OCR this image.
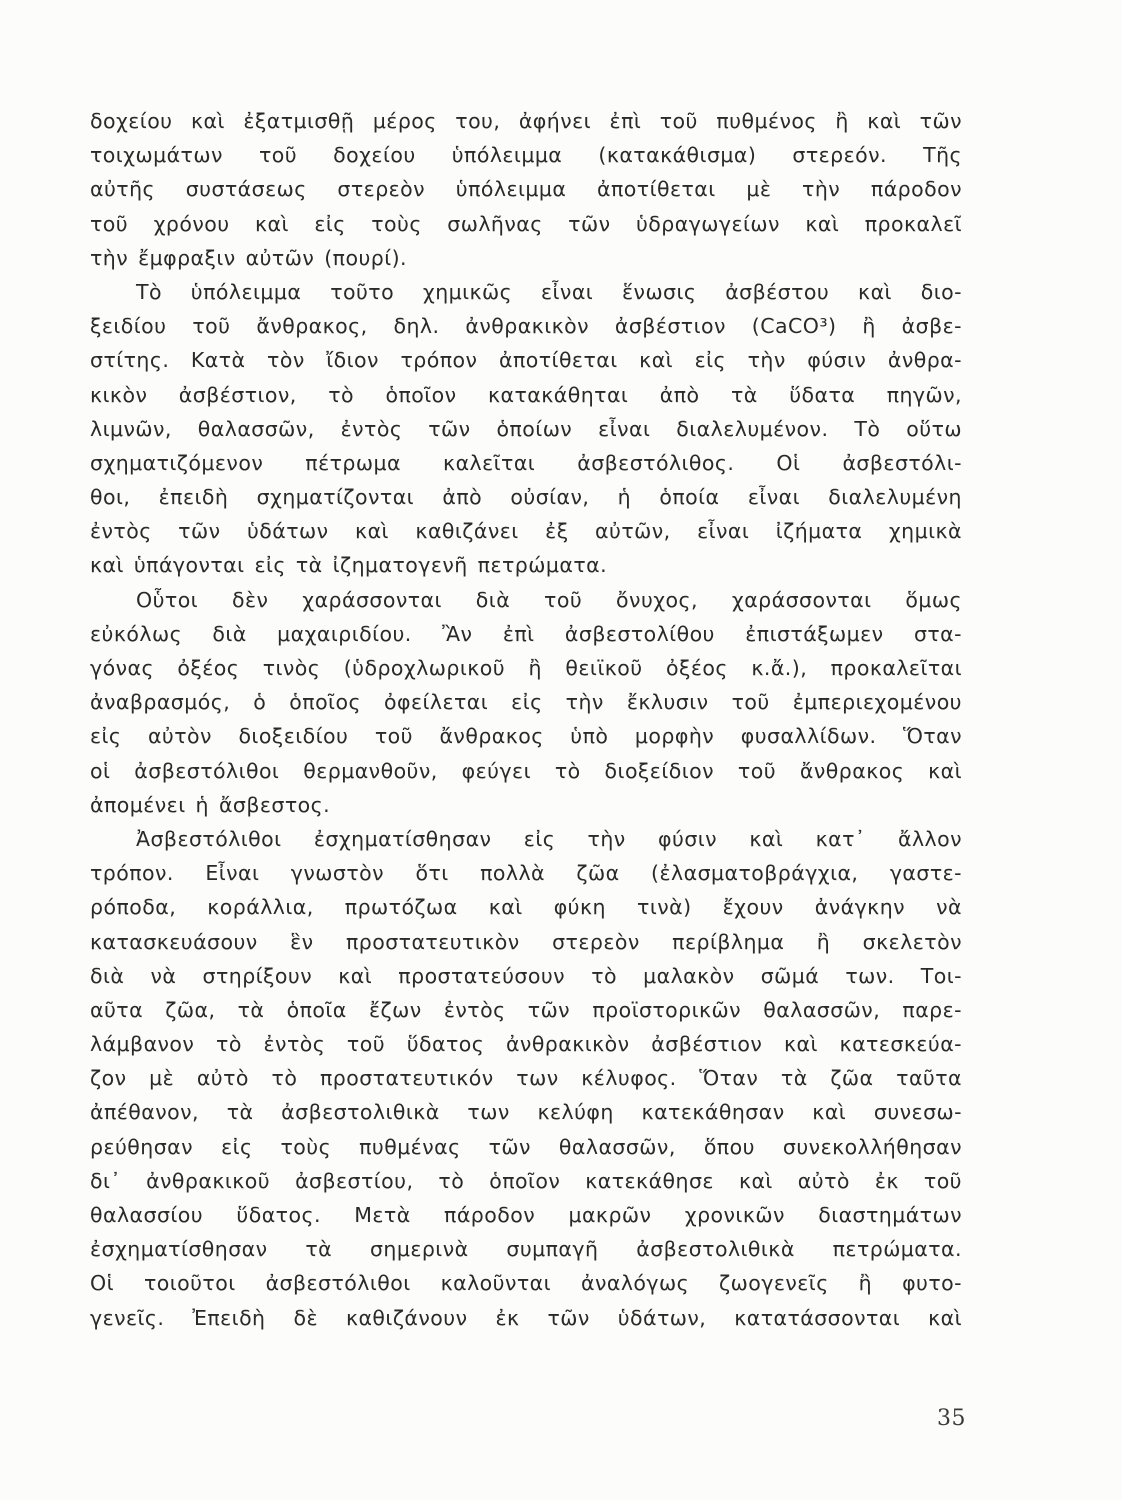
δοχείου καὶ ἐξατμισθῇ μέρος του, ἀφήνει ἐπὶ τοῦ πυθμένος ἢ καὶ τῶν
τοιχωμάτων τοῦ δοχείου ὑπόλειμμα (κατακάθισμα) στερεόν. Τῆς
αὐτῆς συστάσεως στερεὸν ὑπόλειμμα ἀποτίθεται μὲ τὴν πάροδον
τοῦ χρόνου καὶ εἰς τοὺς σωλῆνας τῶν ὑδραγωγείων καὶ προκαλεῖ
τὴν ἔμφραξιν αὐτῶν (πουρί).
Τὸ ὑπόλειμμα τοῦτο χημικῶς εἶναι ἕνωσις ἀσβέστου καὶ διο-
ξειδίου τοῦ ἄνθρακος, δηλ. ἀνθρακικὸν ἀσβέστιον (CaCO³) ἢ ἀσβε-
στίτης. Κατὰ τὸν ἴδιον τρόπον ἀποτίθεται καὶ εἰς τὴν φύσιν ἀνθρα-
κικὸν ἀσβέστιον, τὸ ὁποῖον κατακάθηται ἀπὸ τὰ ὕδατα πηγῶν,
λιμνῶν, θαλασσῶν, ἐντὸς τῶν ὁποίων εἶναι διαλελυμένον. Τὸ οὕτω
σχηματιζόμενον πέτρωμα καλεῖται ἀσβεστόλιθος. Οἱ ἀσβεστόλι-
θοι, ἐπειδὴ σχηματίζονται ἀπὸ οὐσίαν, ἡ ὁποία εἶναι διαλελυμένη
ἐντὸς τῶν ὑδάτων καὶ καθιζάνει ἐξ αὐτῶν, εἶναι ἰζήματα χημικὰ
καὶ ὑπάγονται εἰς τὰ ἰζηματογενῆ πετρώματα.
Οὗτοι δὲν χαράσσονται διὰ τοῦ ὄνυχος, χαράσσονται ὅμως
εὐκόλως διὰ μαχαιριδίου. Ἂν ἐπὶ ἀσβεστολίθου ἐπιστάξωμεν στα-
γόνας ὀξέος τινὸς (ὑδροχλωρικοῦ ἢ θειϊκοῦ ὀξέος κ.ἄ.), προκαλεῖται
ἀναβρασμός, ὁ ὁποῖος ὀφείλεται εἰς τὴν ἔκλυσιν τοῦ ἐμπεριεχομένου
εἰς αὐτὸν διοξειδίου τοῦ ἄνθρακος ὑπὸ μορφὴν φυσαλλίδων. Ὅταν
οἱ ἀσβεστόλιθοι θερμανθοῦν, φεύγει τὸ διοξείδιον τοῦ ἄνθρακος καὶ
ἀπομένει ἡ ἄσβεστος.
Ἀσβεστόλιθοι ἐσχηματίσθησαν εἰς τὴν φύσιν καὶ κατ᾽ ἄλλον
τρόπον. Εἶναι γνωστὸν ὅτι πολλὰ ζῶα (ἐλασματοβράγχια, γαστε-
ρόποδα, κοράλλια, πρωτόζωα καὶ φύκη τινὰ) ἔχουν ἀνάγκην νὰ
κατασκευάσουν ἓν προστατευτικὸν στερεὸν περίβλημα ἢ σκελετὸν
διὰ νὰ στηρίξουν καὶ προστατεύσουν τὸ μαλακὸν σῶμά των. Τοι-
αῦτα ζῶα, τὰ ὁποῖα ἔζων ἐντὸς τῶν προϊστορικῶν θαλασσῶν, παρε-
λάμβανον τὸ ἐντὸς τοῦ ὕδατος ἀνθρακικὸν ἀσβέστιον καὶ κατεσκεύα-
ζον μὲ αὐτὸ τὸ προστατευτικόν των κέλυφος. Ὅταν τὰ ζῶα ταῦτα
ἀπέθανον, τὰ ἀσβεστολιθικὰ των κελύφη κατεκάθησαν καὶ συνεσω-
ρεύθησαν εἰς τοὺς πυθμένας τῶν θαλασσῶν, ὅπου συνεκολλήθησαν
δι᾽ ἀνθρακικοῦ ἀσβεστίου, τὸ ὁποῖον κατεκάθησε καὶ αὐτὸ ἐκ τοῦ
θαλασσίου ὕδατος. Μετὰ πάροδον μακρῶν χρονικῶν διαστημάτων
ἐσχηματίσθησαν τὰ σημερινὰ συμπαγῆ ἀσβεστολιθικὰ πετρώματα.
Οἱ τοιοῦτοι ἀσβεστόλιθοι καλοῦνται ἀναλόγως ζωογενεῖς ἢ φυτο-
γενεῖς. Ἐπειδὴ δὲ καθιζάνουν ἐκ τῶν ὑδάτων, κατατάσσονται καὶ
35
